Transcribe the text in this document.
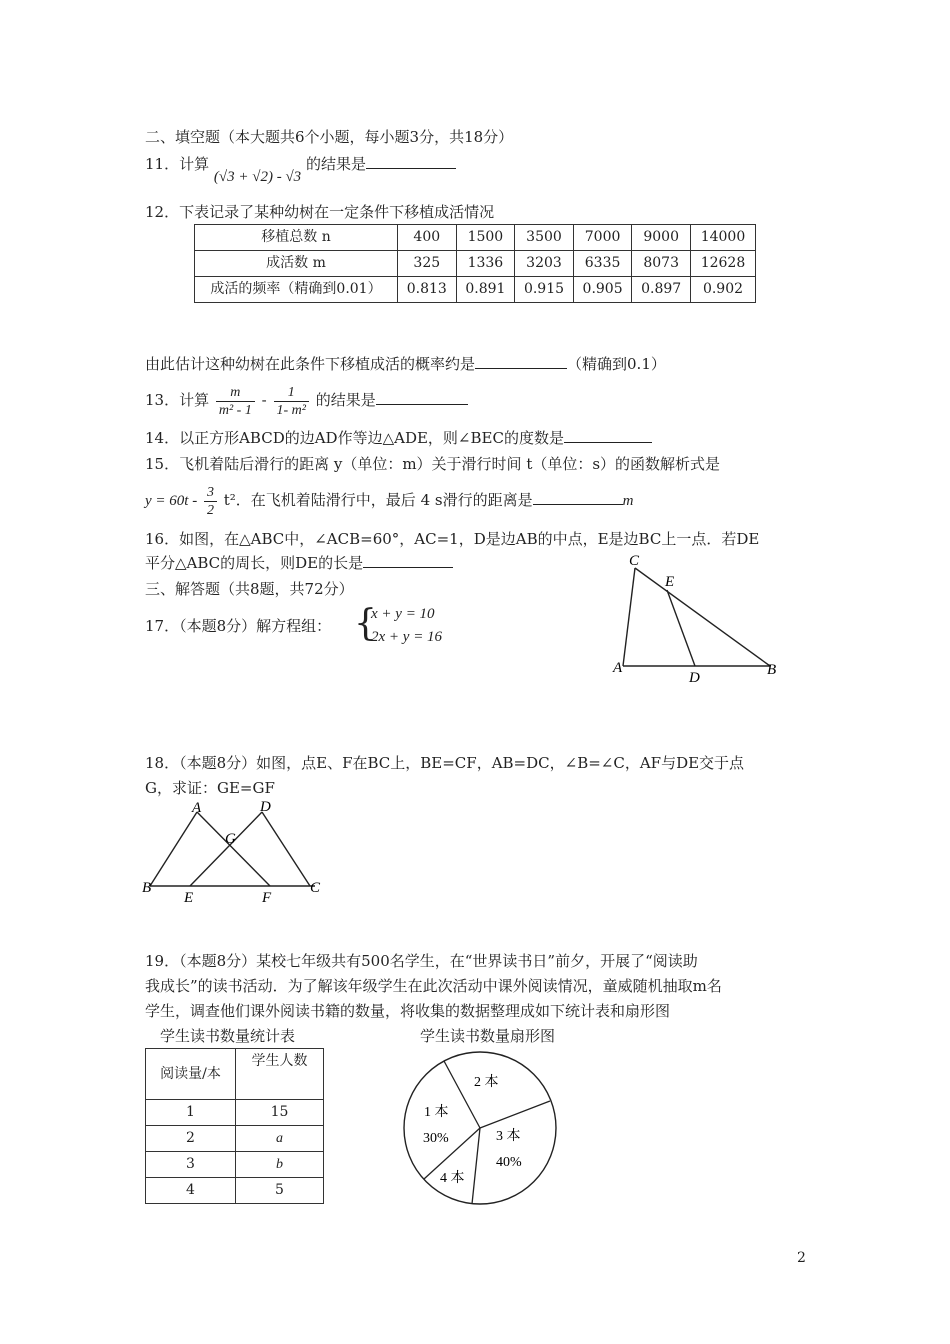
二、填空题（本大题共6个小题，每小题3分，共18分）
11．计算 (√3 + √2) - √3 的结果是
12．下表记录了某种幼树在一定条件下移植成活情况
移植总数 n	400	1500	3500	7000	9000	14000
成活数 m	325	1336	3203	6335	8073	12628
成活的频率（精确到0.01）	0.813	0.891	0.915	0.905	0.897	0.902
由此估计这种幼树在此条件下移植成活的概率约是	（精确到0.1）
13．计算 $\frac{m}{\text{m² - 1}} - \frac{1}{\text{1- m²}}$ 的结果是
14．以正方形ABCD的边AD作等边△ADE，则∠BEC的度数是
15．飞机着陆后滑行的距离 y（单位：m）关于滑行时间 t（单位：s）的函数解析式是
$y = 60t - \frac{3}{2} t^2$．在飞机着陆滑行中，最后 4 s滑行的距离是	m
16．如图，在△ABC中，∠ACB=60°，AC=1，D是边AB的中点，E是边BC上一点．若DE
平分△ABC的周长，则DE的长是	C
E
A
D	B
三、解答题（共8题，共72分）
17．（本题8分）解方程组： {
x + y = 10
2x + y = 16
18．（本题8分）如图，点E、F在BC上，BE=CF，AB=DC，∠B=∠C，AF与DE交于点
G，求证：GE=GF
A	D
G
B
E	F
C
19．（本题8分）某校七年级共有500名学生，在“世界读书日”前夕，开展了“阅读助
我成长”的读书活动．为了解该年级学生在此次活动中课外阅读情况，童威随机抽取m名
学生，调查他们课外阅读书籍的数量，将收集的数据整理成如下统计表和扇形图
学生读书数量统计表
阅读量/本	学生人数
1	15
2	a
3	b
4	5
学生读书数量扇形图
1 本
30%
2 本
3 本
40%
4 本
2
